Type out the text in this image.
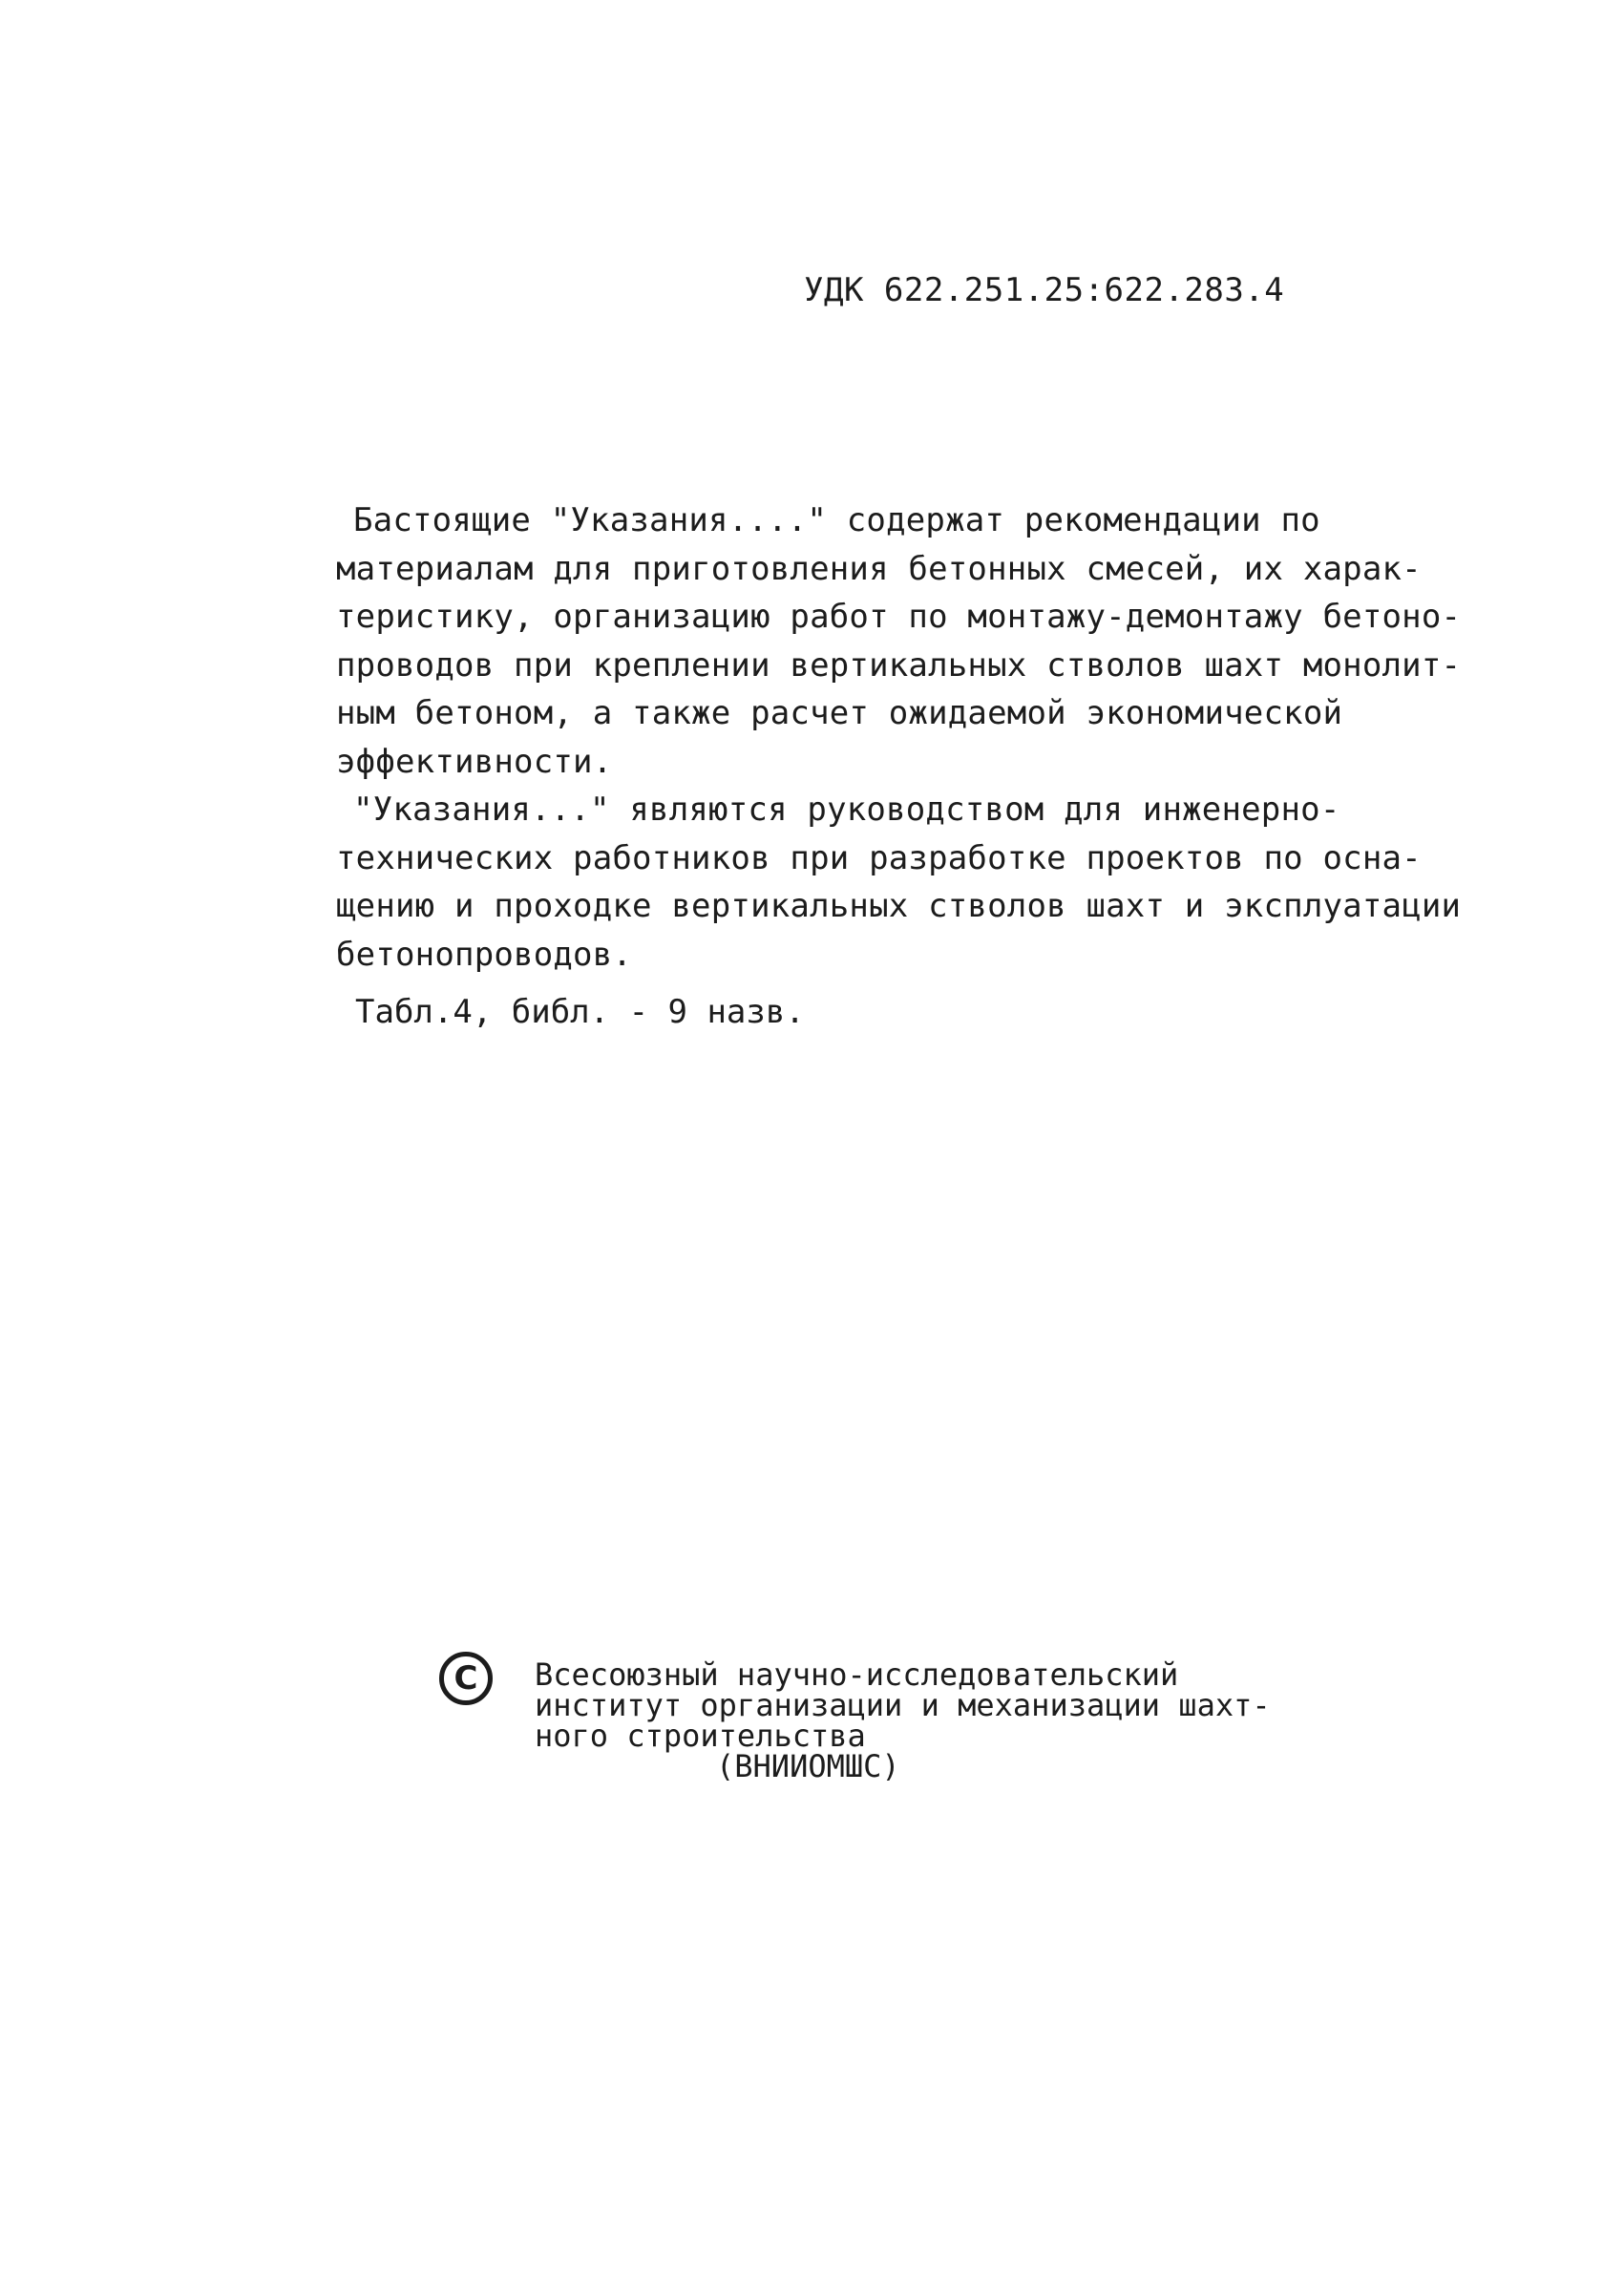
УДК 622.251.25:622.283.4
Бастоящие "Указания...." содержат рекомендации по
материалам для приготовления бетонных смесей, их харак-
теристику, организацию работ по монтажу-демонтажу бетоно-
проводов при креплении вертикальных стволов шахт монолит-
ным бетоном, а также расчет ожидаемой экономической
эффективности.
"Указания..." являются руководством для инженерно-
технических работников при разработке проектов по осна-
щению и проходке вертикальных стволов шахт и эксплуатации
бетонопроводов.
Табл.4, библ. - 9 назв.
C	Всесоюзный научно-исследовательский
институт организации и механизации шахт-
ного строительства
(ВНИИОМШС)
